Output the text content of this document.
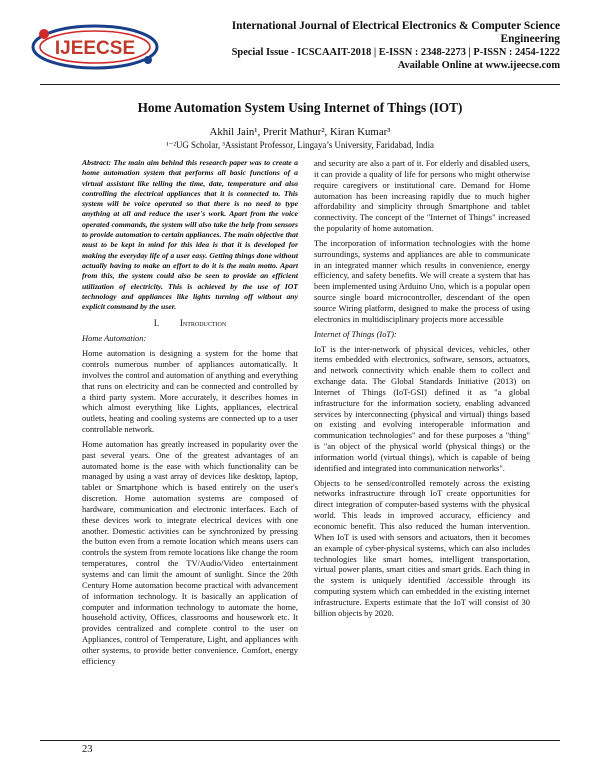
IJEECSE
International Journal of Electrical Electronics & Computer Science Engineering
Special Issue - ICSCAAIT-2018 | E-ISSN : 2348-2273 | P-ISSN : 2454-1222
Available Online at www.ijeecse.com
Home Automation System Using Internet of Things (IOT)
Akhil Jain¹, Prerit Mathur², Kiran Kumar³
¹⁻²UG Scholar, ³Assistant Professor, Lingaya’s University, Faridabad, India

Abstract: The main aim behind this research paper was to create a home automation system that performs all basic functions of a virtual assistant like telling the time, date, temperature and also controlling the electrical appliances that it is connected to. This system will be voice operated so that there is no need to type anything at all and reduce the user's work. Apart from the voice operated commands, the system will also take the help from sensors to provide automation to certain appliances. The main objective that must to be kept in mind for this idea is that it is developed for making the everyday life of a user easy. Getting things done without actually having to make an effort to do it is the main motto. Apart from this, the system could also be seen to provide an efficient utilization of electricity. This is achieved by the use of IOT technology and appliances like lights turning off without any explicit command by the user.

I. Introduction

Home Automation:

Home automation is designing a system for the home that controls numerous number of appliances automatically. It involves the control and automation of anything and everything that runs on electricity and can be connected and controlled by a third party system. More accurately, it describes homes in which almost everything like Lights, appliances, electrical outlets, heating and cooling systems are connected up to a user controllable network.

Home automation has greatly increased in popularity over the past several years. One of the greatest advantages of an automated home is the ease with which functionality can be managed by using a vast array of devices like desktop, laptop, tablet or Smartphone which is based entirely on the user's discretion. Home automation systems are composed of hardware, communication and electronic interfaces. Each of these devices work to integrate electrical devices with one another. Domestic activities can be synchronized by pressing the button even from a remote location which means users can controls the system from remote locations like change the room temperatures, control the TV/Audio/Video entertainment systems and can limit the amount of sunlight. Since the 20th Century Home automation become practical with advancement of information technology. It is basically an application of computer and information technology to automate the home, household activity, Offices, classrooms and housework etc. It provides centralized and complete control to the user on Appliances, control of Temperature, Light, and appliances with other systems, to provide better convenience. Comfort, energy efficiency

and security are also a part of it. For elderly and disabled users, it can provide a quality of life for persons who might otherwise require caregivers or institutional care. Demand for Home automation has been increasing rapidly due to much higher affordability and simplicity through Smartphone and tablet connectivity. The concept of the "Internet of Things" increased the popularity of home automation.

The incorporation of information technologies with the home surroundings, systems and appliances are able to communicate in an integrated manner which results in convenience, energy efficiency, and safety benefits. We will create a system that has been implemented using Arduino Uno, which is a popular open source single board microcontroller, descendant of the open source Wiring platform, designed to make the process of using electronics in multidisciplinary projects more accessible

Internet of Things (IoT):

IoT is the inter-network of physical devices, vehicles, other items embedded with electronics, software, sensors, actuators, and network connectivity which enable them to collect and exchange data. The Global Standards Initiative (2013) on Internet of Things (IoT-GSI) defined it as "a global infrastructure for the information society, enabling advanced services by interconnecting (physical and virtual) things based on existing and evolving interoperable information and communication technologies" and for these purposes a "thing" is "an object of the physical world (physical things) or the information world (virtual things), which is capable of being identified and integrated into communication networks".

Objects to be sensed/controlled remotely across the existing networks infrastructure through IoT create opportunities for direct integration of computer-based systems with the physical world. This leads in improved accuracy, efficiency and economic benefit. This also reduced the human intervention. When IoT is used with sensors and actuators, then it becomes an example of cyber-physical systems, which can also includes technologies like smart homes, intelligent transportation, virtual power plants, smart cities and smart grids. Each thing in the system is uniquely identified /accessible through its computing system which can embedded in the existing internet infrastructure. Experts estimate that the IoT will consist of 30 billion objects by 2020.

23
